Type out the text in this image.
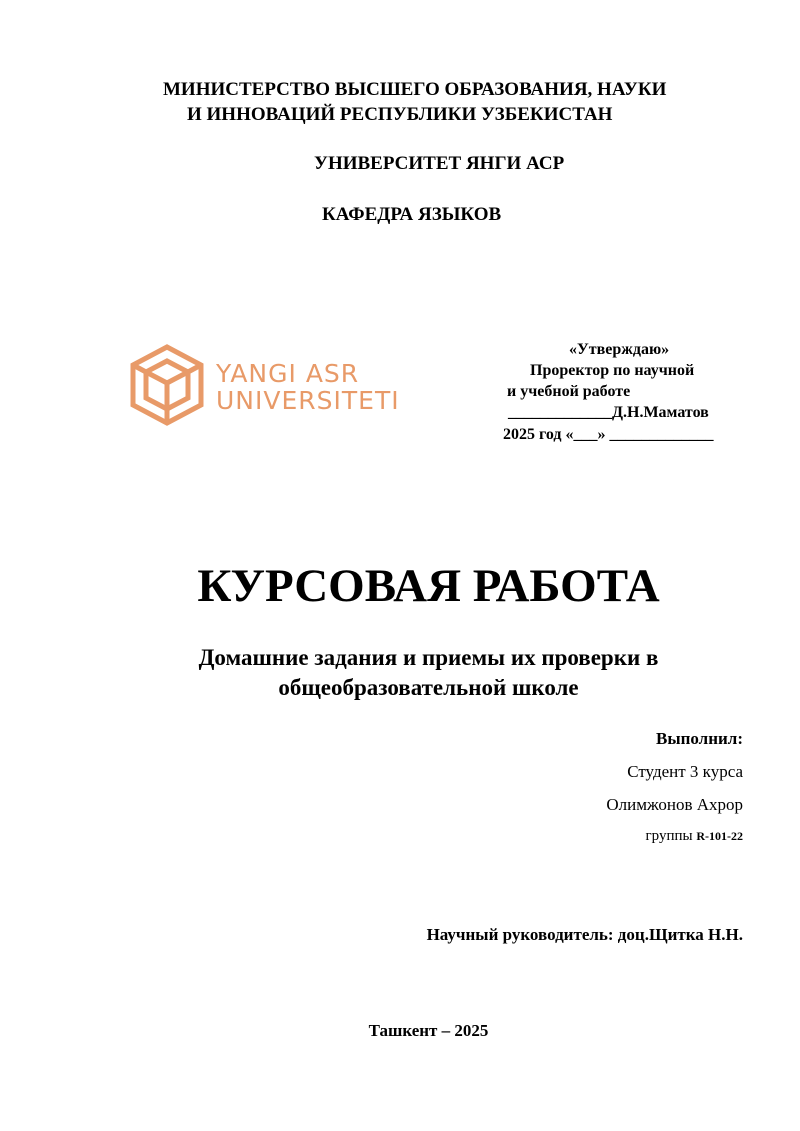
МИНИСТЕРСТВО ВЫСШЕГО ОБРАЗОВАНИЯ, НАУКИ
И ИННОВАЦИЙ РЕСПУБЛИКИ УЗБЕКИСТАН
УНИВЕРСИТЕТ ЯНГИ АСР
КАФЕДРА ЯЗЫКОВ
YANGI ASR
UNIVERSITETI
«Утверждаю»
Проректор по научной
и учебной работе
_____________Д.Н.Маматов
2025 год «___» _____________
КУРСОВАЯ РАБОТА
Домашние задания и приемы их проверки в
общеобразовательной школе
Выполнил:
Студент 3 курса
Олимжонов Ахрор
группы R-101-22
Научный руководитель: доц.Щитка Н.Н.
Ташкент – 2025
